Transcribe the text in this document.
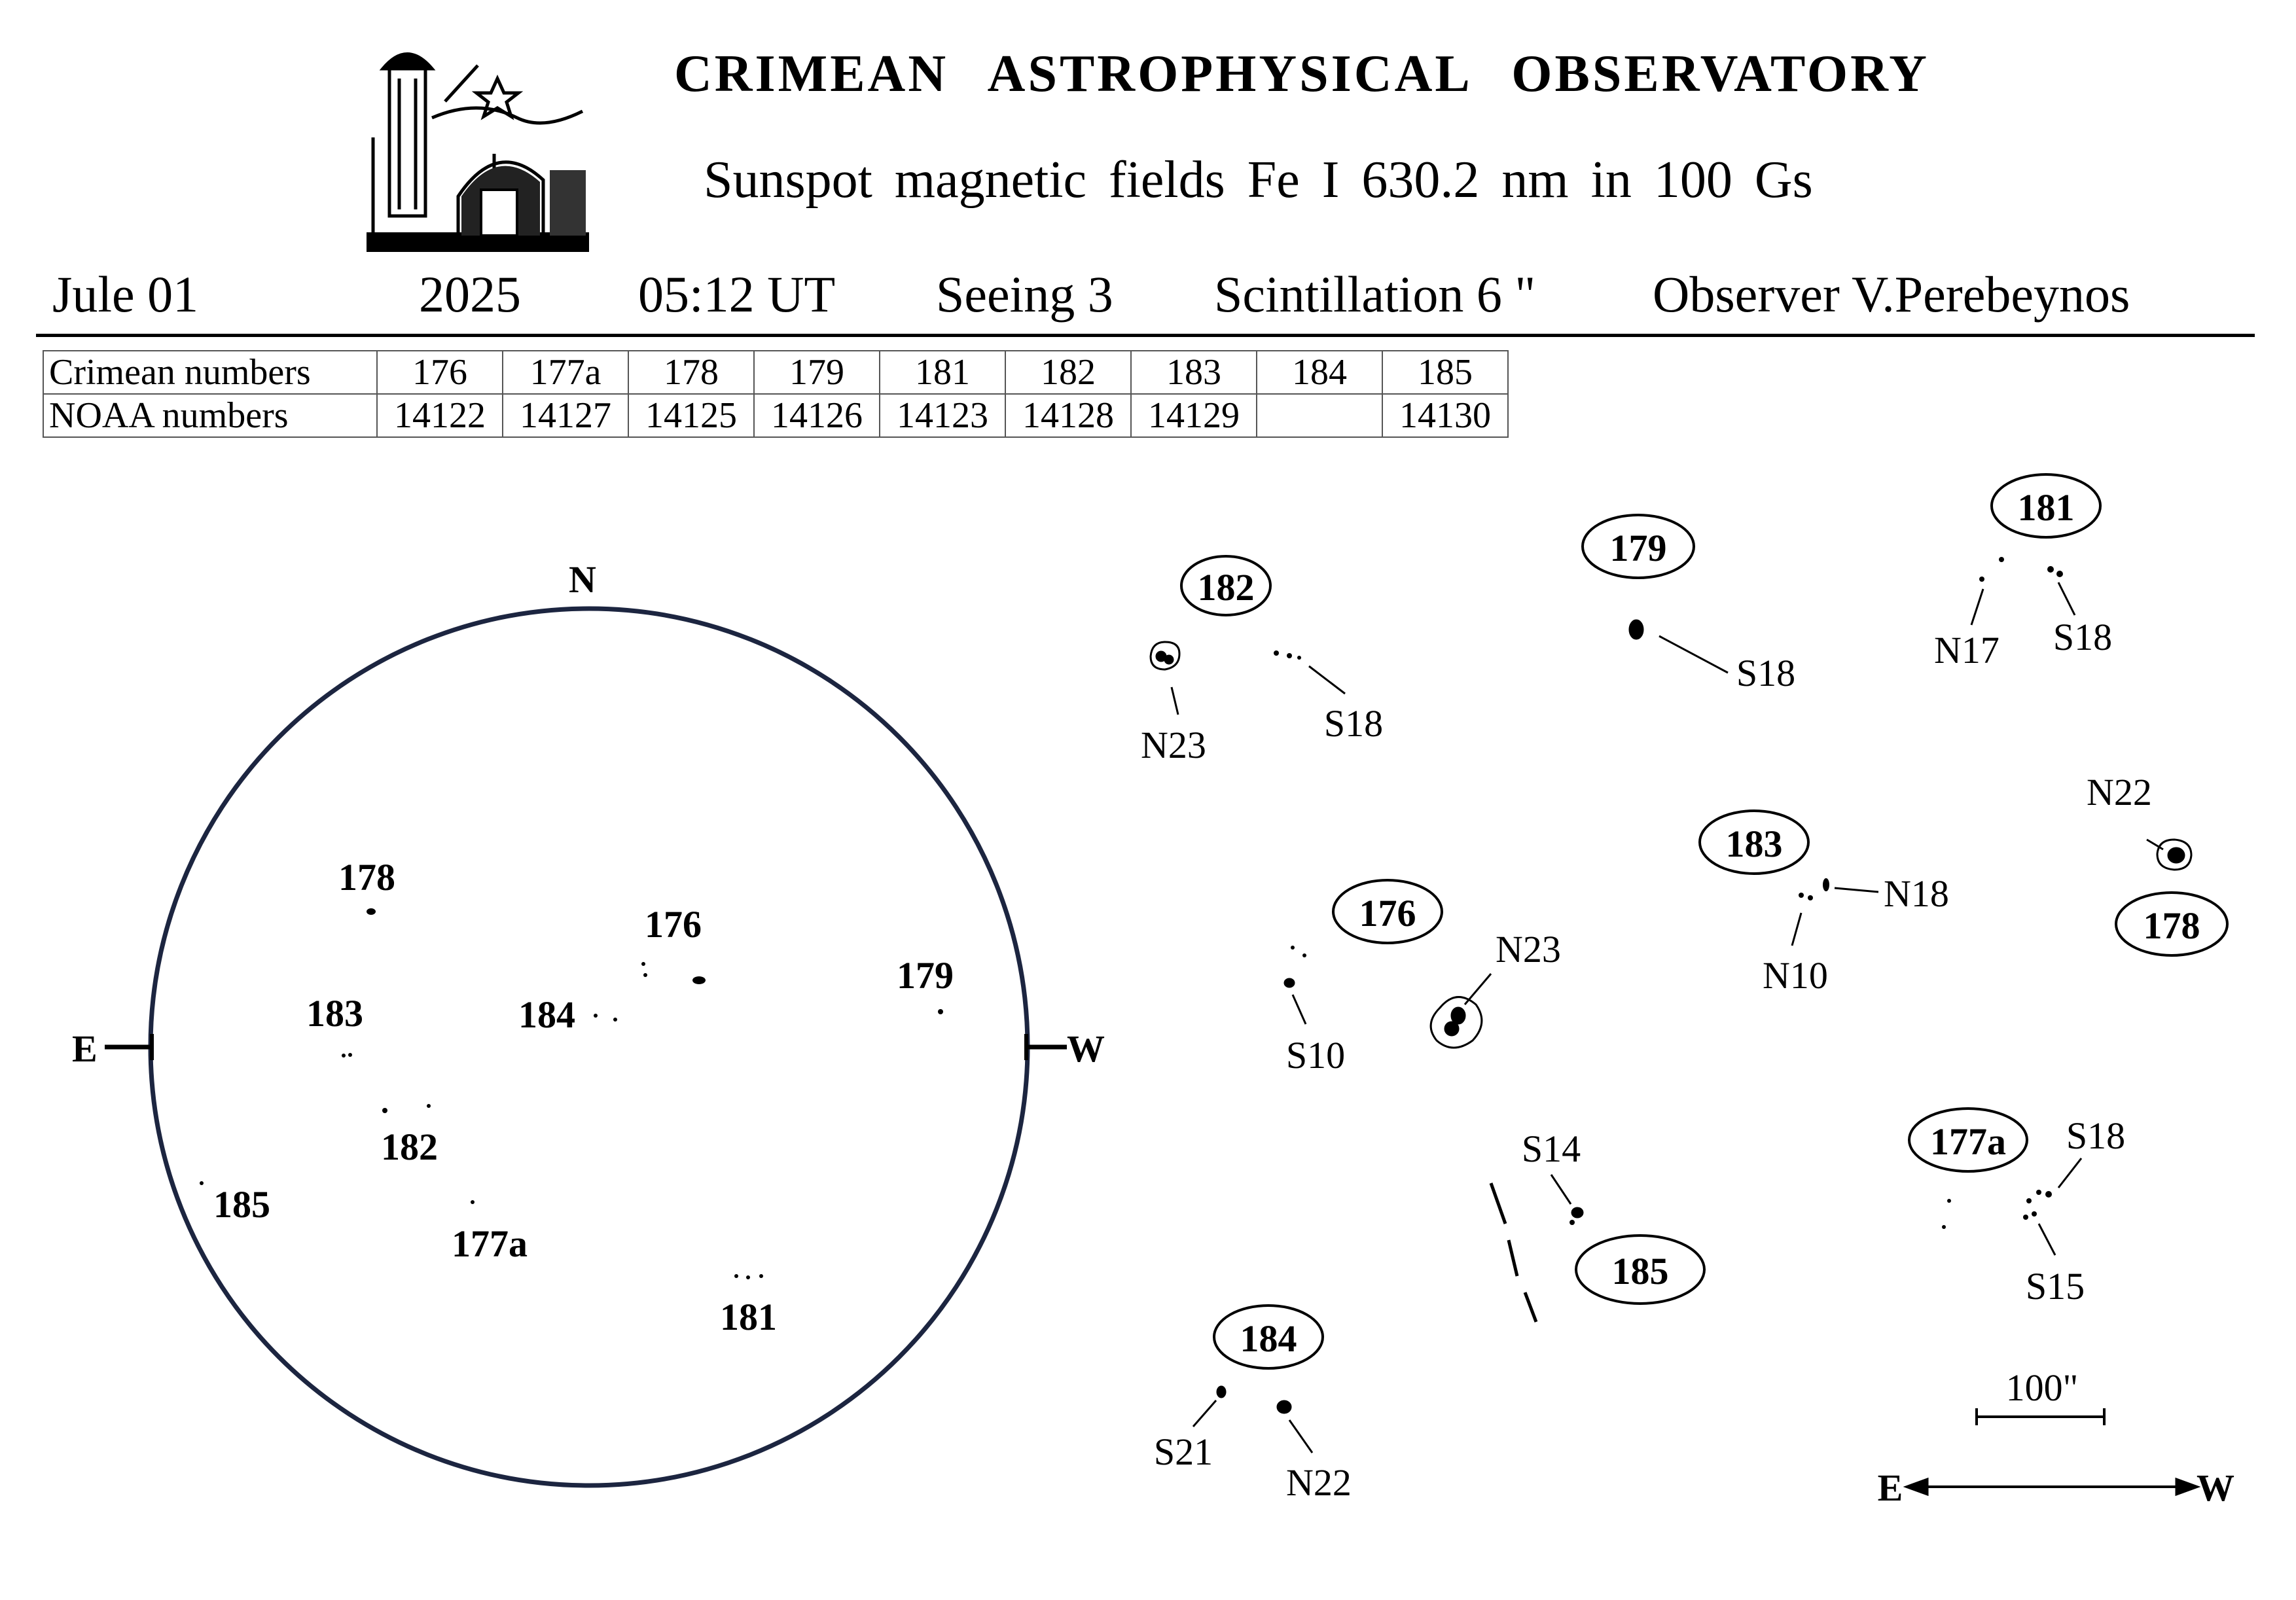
CRIMEAN ASTROPHYSICAL OBSERVATORY
Sunspot magnetic fields Fe I 630.2 nm in 100 Gs
Jule 01	2025 05:12 UT Seeing 3 Scintillation 6 " Observer V.Perebeynos
Crimean numbers	176	177a	178	179	181	182	183	184	185
NOAA numbers	14122	14127	14125	14126	14123	14128	14129		14130
N
E	W
178
176
179
183	184
182
185
177a
181
182
N23
S18
179
S18
181
N17 S18
183
N18
N10
178
N22
176
N23
S10
185
S14	177a S18
S15
184
S21
N22
100"
E	W
